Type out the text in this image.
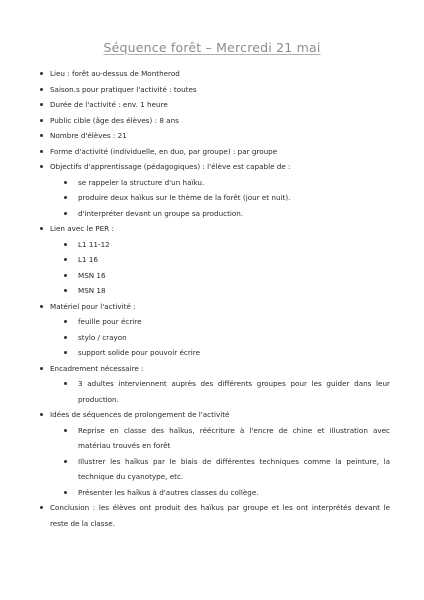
Séquence forêt – Mercredi 21 mai
Lieu : forêt au-dessus de Montherod
Saison.s pour pratiquer l'activité : toutes
Durée de l'activité : env. 1 heure
Public cible (âge des élèves) : 8 ans
Nombre d'élèves : 21
Forme d'activité (individuelle, en duo, par groupe) : par groupe
Objectifs d'apprentissage (pédagogiques) : l'élève est capable de :
se rappeler la structure d'un haïku.
produire deux haïkus sur le thème de la forêt (jour et nuit).
d'interpréter devant un groupe sa production.
Lien avec le PER :
L1 11-12
L1 16
MSN 16
MSN 18
Matériel pour l'activité :
feuille pour écrire
stylo / crayon
support solide pour pouvoir écrire
Encadrement nécessaire :
3 adultes interviennent auprès des différents groupes pour les guider dans leur production.
Idées de séquences de prolongement de l'activité
Reprise en classe des haïkus, réécriture à l'encre de chine et illustration avec matériau trouvés en forêt
Illustrer les haïkus par le biais de différentes techniques comme la peinture, la technique du cyanotype, etc.
Présenter les haïkus à d'autres classes du collège.
Conclusion : les élèves ont produit des haïkus par groupe et les ont interprétés devant le reste de la classe.
